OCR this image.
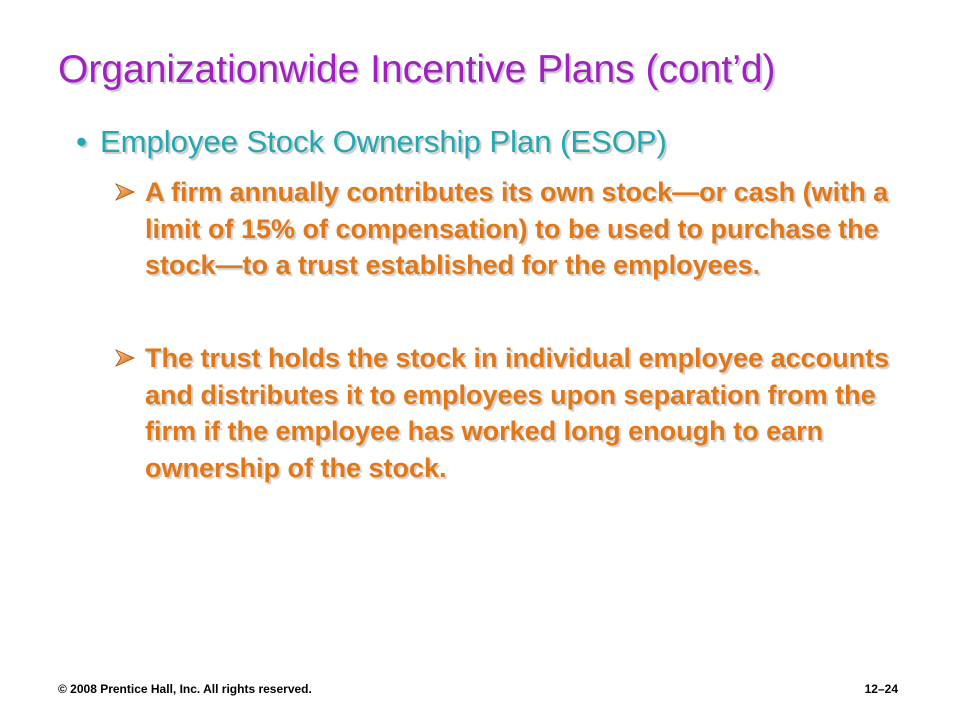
Organizationwide Incentive Plans (cont’d)
• Employee Stock Ownership Plan (ESOP)
A firm annually contributes its own stock—or cash (with a limit of 15% of compensation) to be used to purchase the stock—to a trust established for the employees.
The trust holds the stock in individual employee accounts and distributes it to employees upon separation from the firm if the employee has worked long enough to earn ownership of the stock.
© 2008 Prentice Hall, Inc. All rights reserved.	12–24
